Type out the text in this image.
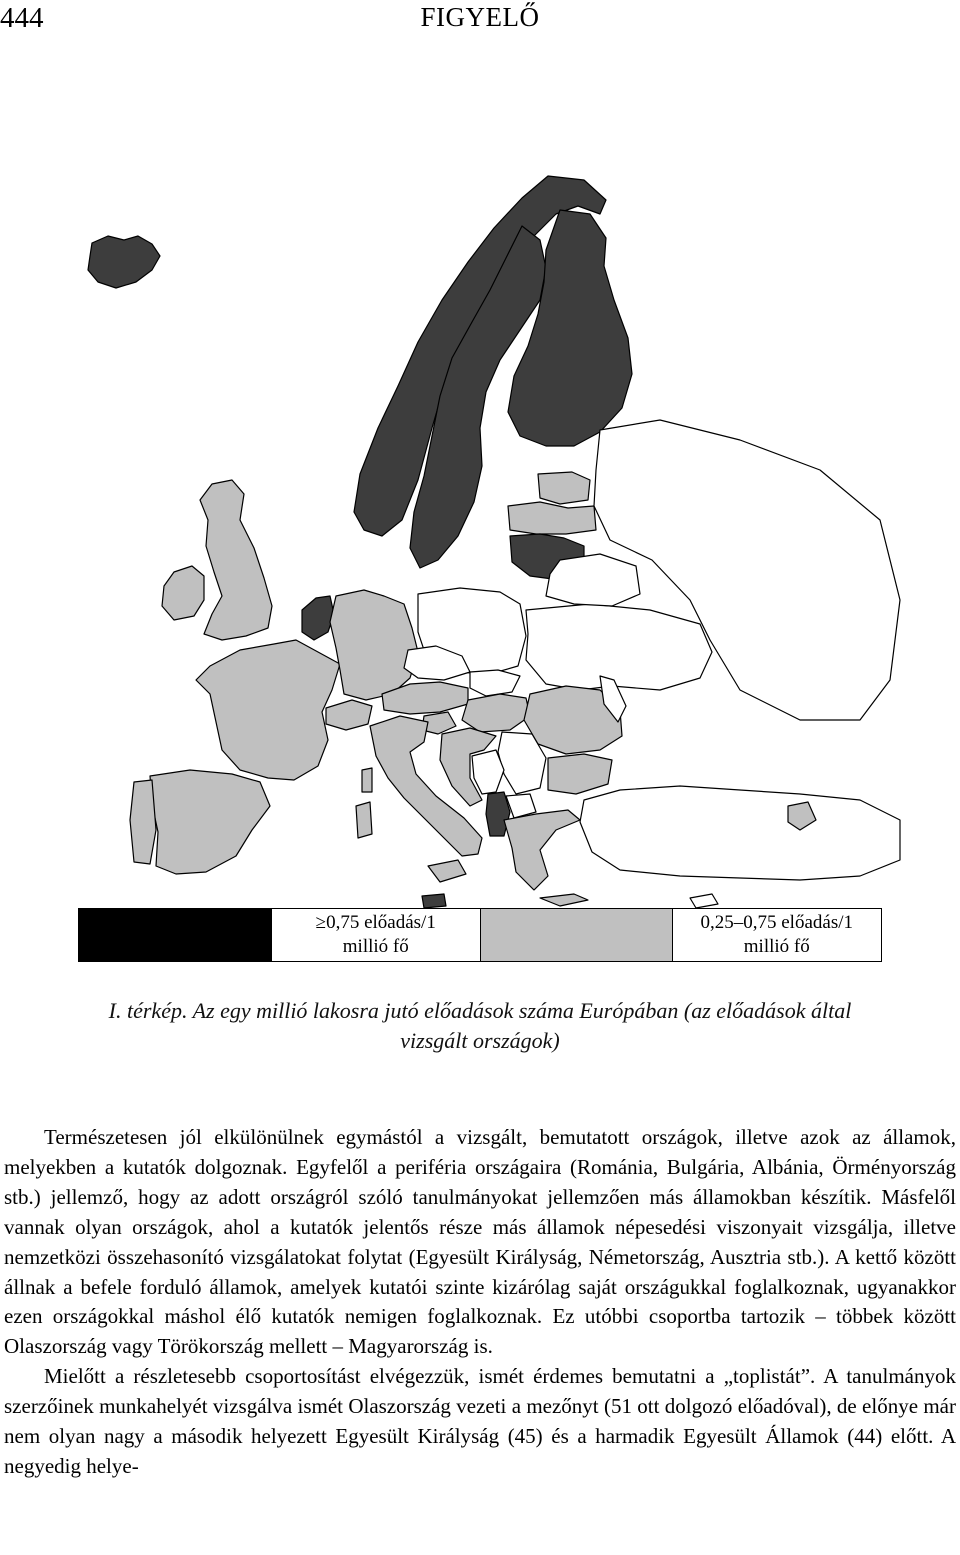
444	FIGYELŐ
≥0,75 előadás/1
millió fő
0,25–0,75 előadás/1
millió fő
I. térkép. Az egy millió lakosra jutó előadások száma Európában (az előadások által
vizsgált országok)

Természetesen jól elkülönülnek egymástól a vizsgált, bemutatott országok, illetve azok az államok, melyekben a kutatók dolgoznak. Egyfelől a periféria országaira (Románia, Bulgária, Albánia, Örményország stb.) jellemző, hogy az adott országról szóló tanulmányokat jellemzően más államokban készítik. Másfelől vannak olyan országok, ahol a kutatók jelentős része más államok népesedési viszonyait vizsgálja, illetve nemzetközi összehasonító vizsgálatokat folytat (Egyesült Királyság, Németország, Ausztria stb.). A kettő között állnak a befele forduló államok, amelyek kutatói szinte kizárólag saját országukkal foglalkoznak, ugyanakkor ezen országokkal máshol élő kutatók nemigen foglalkoznak. Ez utóbbi csoportba tartozik – többek között Olaszország vagy Törökország mellett – Magyarország is.

Mielőtt a részletesebb csoportosítást elvégezzük, ismét érdemes bemutatni a „toplistát”. A tanulmányok szerzőinek munkahelyét vizsgálva ismét Olaszország vezeti a mezőnyt (51 ott dolgozó előadóval), de előnye már nem olyan nagy a második helyezett Egyesült Királyság (45) és a harmadik Egyesült Államok (44) előtt. A negyedig helye-
